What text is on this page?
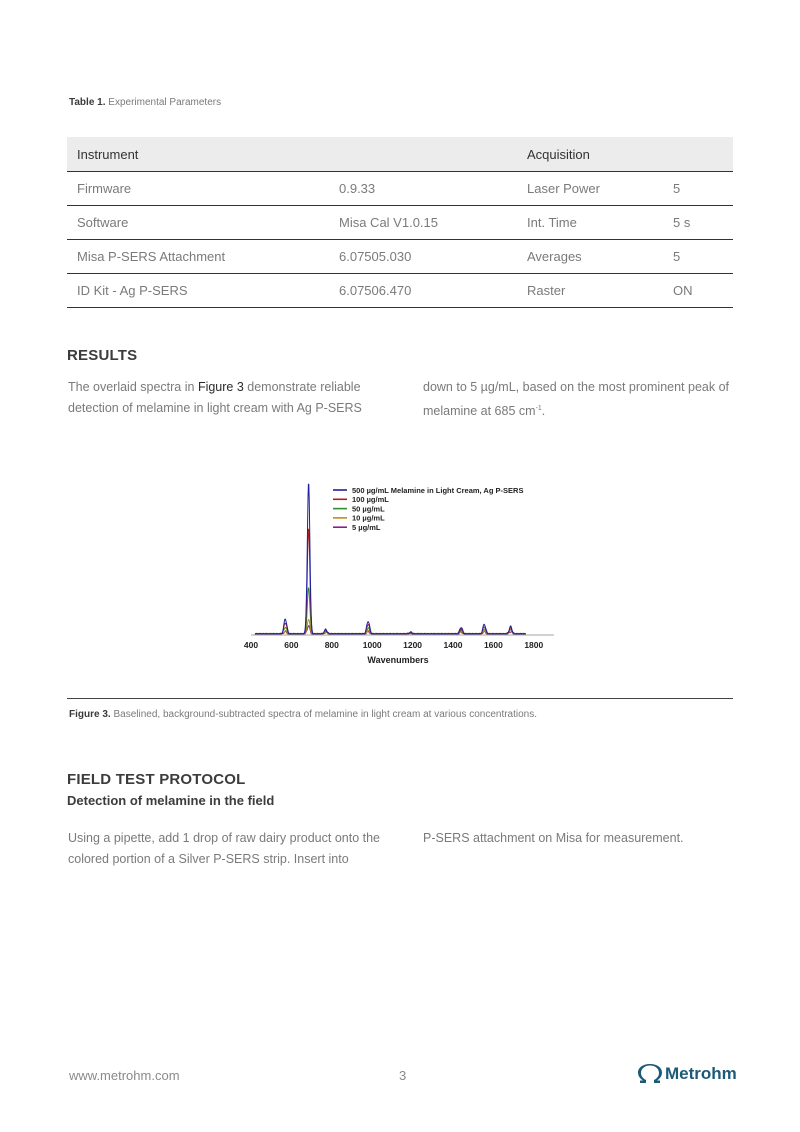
Table 1. Experimental Parameters
Instrument		Acquisition	
Firmware	0.9.33	Laser Power	5
Software	Misa Cal V1.0.15	Int. Time	5 s
Misa P-SERS Attachment	6.07505.030	Averages	5
ID Kit - Ag P-SERS	6.07506.470	Raster	ON
RESULTS
The overlaid spectra in Figure 3 demonstrate reliable detection of melamine in light cream with Ag P-SERS
down to 5 µg/mL, based on the most prominent peak of melamine at 685 $cm^{-1}$.
400	600	800	1000	1200	1400	1600	1800
Wavenumbers
500 µg/mL Melamine in Light Cream, Ag P-SERS
100 µg/mL
50 µg/mL
10 µg/mL
5 µg/mL
Figure 3. Baselined, background-subtracted spectra of melamine in light cream at various concentrations.
FIELD TEST PROTOCOL
Detection of melamine in the field
Using a pipette, add 1 drop of raw dairy product onto the colored portion of a Silver P-SERS strip. Insert into
P-SERS attachment on Misa for measurement.
www.metrohm.com	3	Metrohm
